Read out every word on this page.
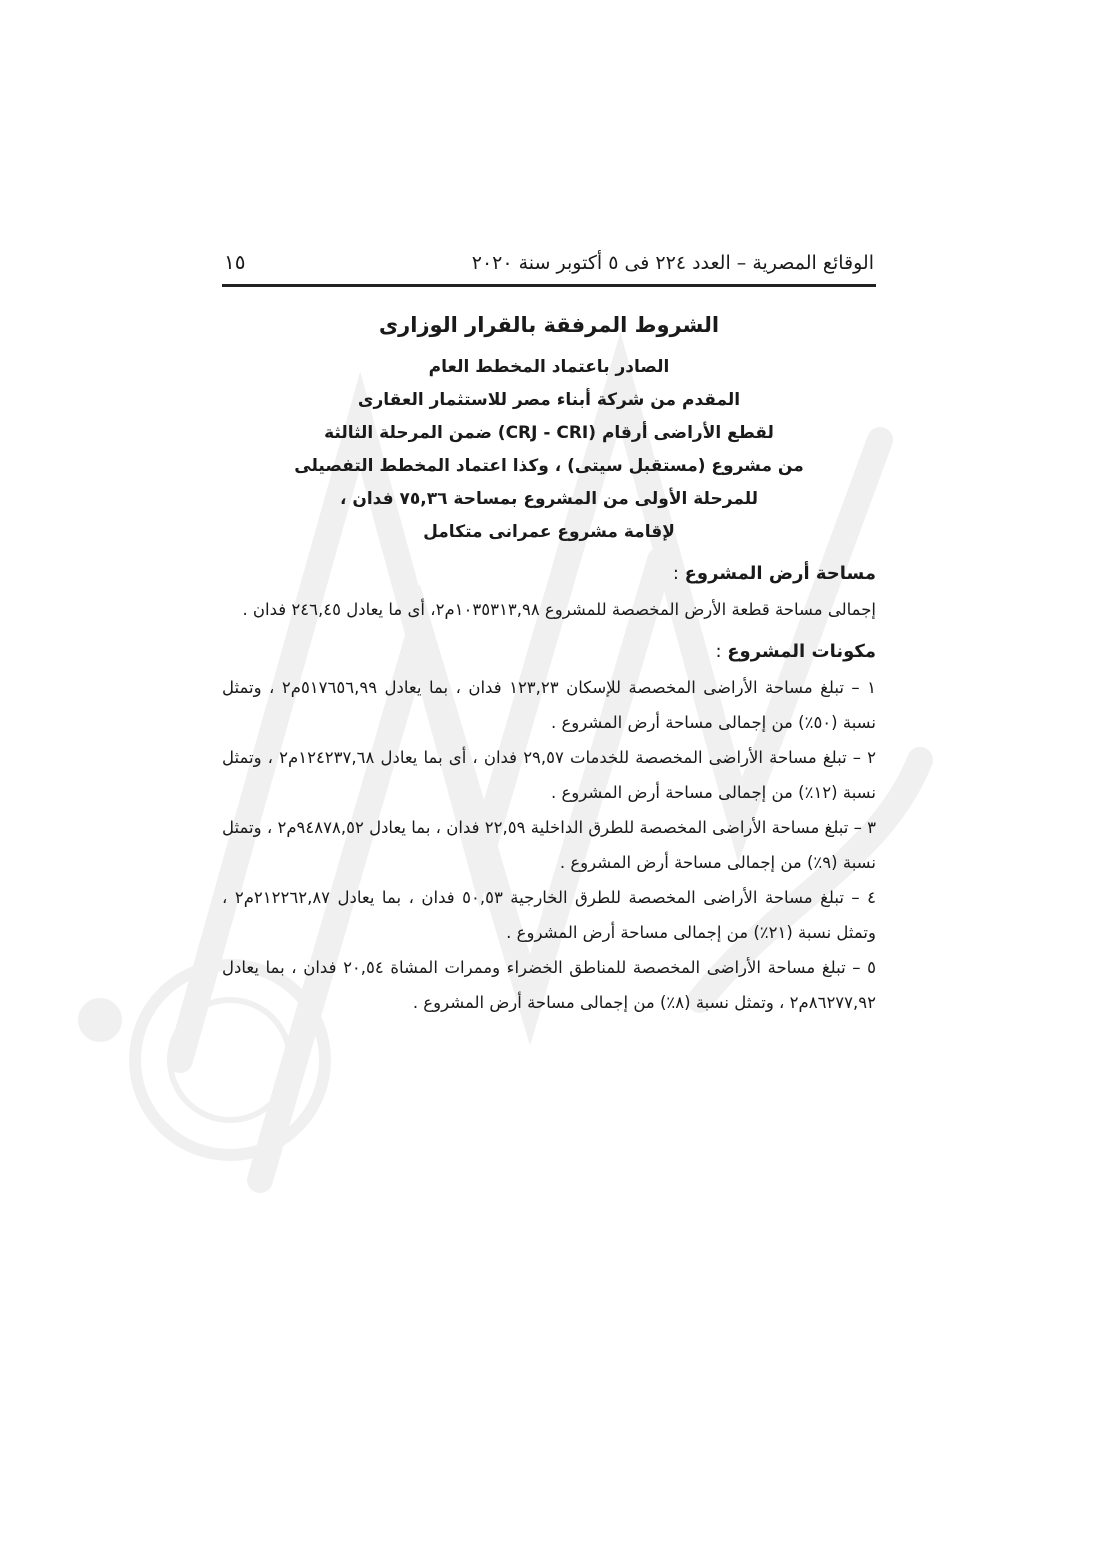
الوقائع المصرية – العدد ٢٢٤ فى ٥ أكتوبر سنة ٢٠٢٠
١٥

الشروط المرفقة بالقرار الوزارى

الصادر باعتماد المخطط العام

المقدم من شركة أبناء مصر للاستثمار العقارى

لقطع الأراضى أرقام (CRJ - CRI) ضمن المرحلة الثالثة

من مشروع (مستقبل سيتى) ، وكذا اعتماد المخطط التفصيلى

للمرحلة الأولى من المشروع بمساحة ٧٥,٣٦ فدان ،

لإقامة مشروع عمرانى متكامل

مساحة أرض المشروع :

إجمالى مساحة قطعة الأرض المخصصة للمشروع ١٠٣٥٣١٣,٩٨م٢، أى ما يعادل ٢٤٦,٤٥ فدان .

مكونات المشروع :

١ – تبلغ مساحة الأراضى المخصصة للإسكان ١٢٣,٢٣ فدان ، بما يعادل ٥١٧٦٥٦,٩٩م٢ ، وتمثل نسبة (٥٠٪) من إجمالى مساحة أرض المشروع .

٢ – تبلغ مساحة الأراضى المخصصة للخدمات ٢٩,٥٧ فدان ، أى بما يعادل ١٢٤٢٣٧,٦٨م٢ ، وتمثل نسبة (١٢٪) من إجمالى مساحة أرض المشروع .

٣ – تبلغ مساحة الأراضى المخصصة للطرق الداخلية ٢٢,٥٩ فدان ، بما يعادل ٩٤٨٧٨,٥٢م٢ ، وتمثل نسبة (٩٪) من إجمالى مساحة أرض المشروع .

٤ – تبلغ مساحة الأراضى المخصصة للطرق الخارجية ٥٠,٥٣ فدان ، بما يعادل ٢١٢٢٦٢,٨٧م٢ ، وتمثل نسبة (٢١٪) من إجمالى مساحة أرض المشروع .

٥ – تبلغ مساحة الأراضى المخصصة للمناطق الخضراء وممرات المشاة ٢٠,٥٤ فدان ، بما يعادل ٨٦٢٧٧,٩٢م٢ ، وتمثل نسبة (٨٪) من إجمالى مساحة أرض المشروع .
